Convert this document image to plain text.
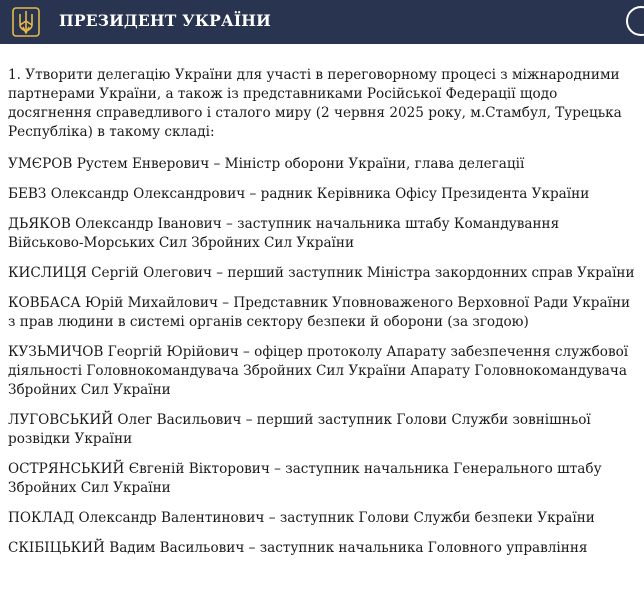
ПРЕЗИДЕНТ УКРАЇНИ

1. Утворити делегацію України для участі в переговорному процесі з міжнародними партнерами України, а також із представниками Російської Федерації щодо досягнення справедливого і сталого миру (2 червня 2025 року, м.Стамбул, Турецька Республіка) в такому складі:

УМЄРОВ Рустем Енверович – Міністр оборони України, глава делегації

БЕВЗ Олександр Олександрович – радник Керівника Офісу Президента України

ДЬЯКОВ Олександр Іванович – заступник начальника штабу Командування Військово-Морських Сил Збройних Сил України

КИСЛИЦЯ Сергій Олегович – перший заступник Міністра закордонних справ України

КОВБАСА Юрій Михайлович – Представник Уповноваженого Верховної Ради України з прав людини в системі органів сектору безпеки й оборони (за згодою)

КУЗЬМИЧОВ Георгій Юрійович – офіцер протоколу Апарату забезпечення службової діяльності Головнокомандувача Збройних Сил України Апарату Головнокомандувача Збройних Сил України

ЛУГОВСЬКИЙ Олег Васильович – перший заступник Голови Служби зовнішньої розвідки України

ОСТРЯНСЬКИЙ Євгеній Вікторович – заступник начальника Генерального штабу Збройних Сил України

ПОКЛАД Олександр Валентинович – заступник Голови Служби безпеки України

СКІБІЦЬКИЙ Вадим Васильович – заступник начальника Головного управління
